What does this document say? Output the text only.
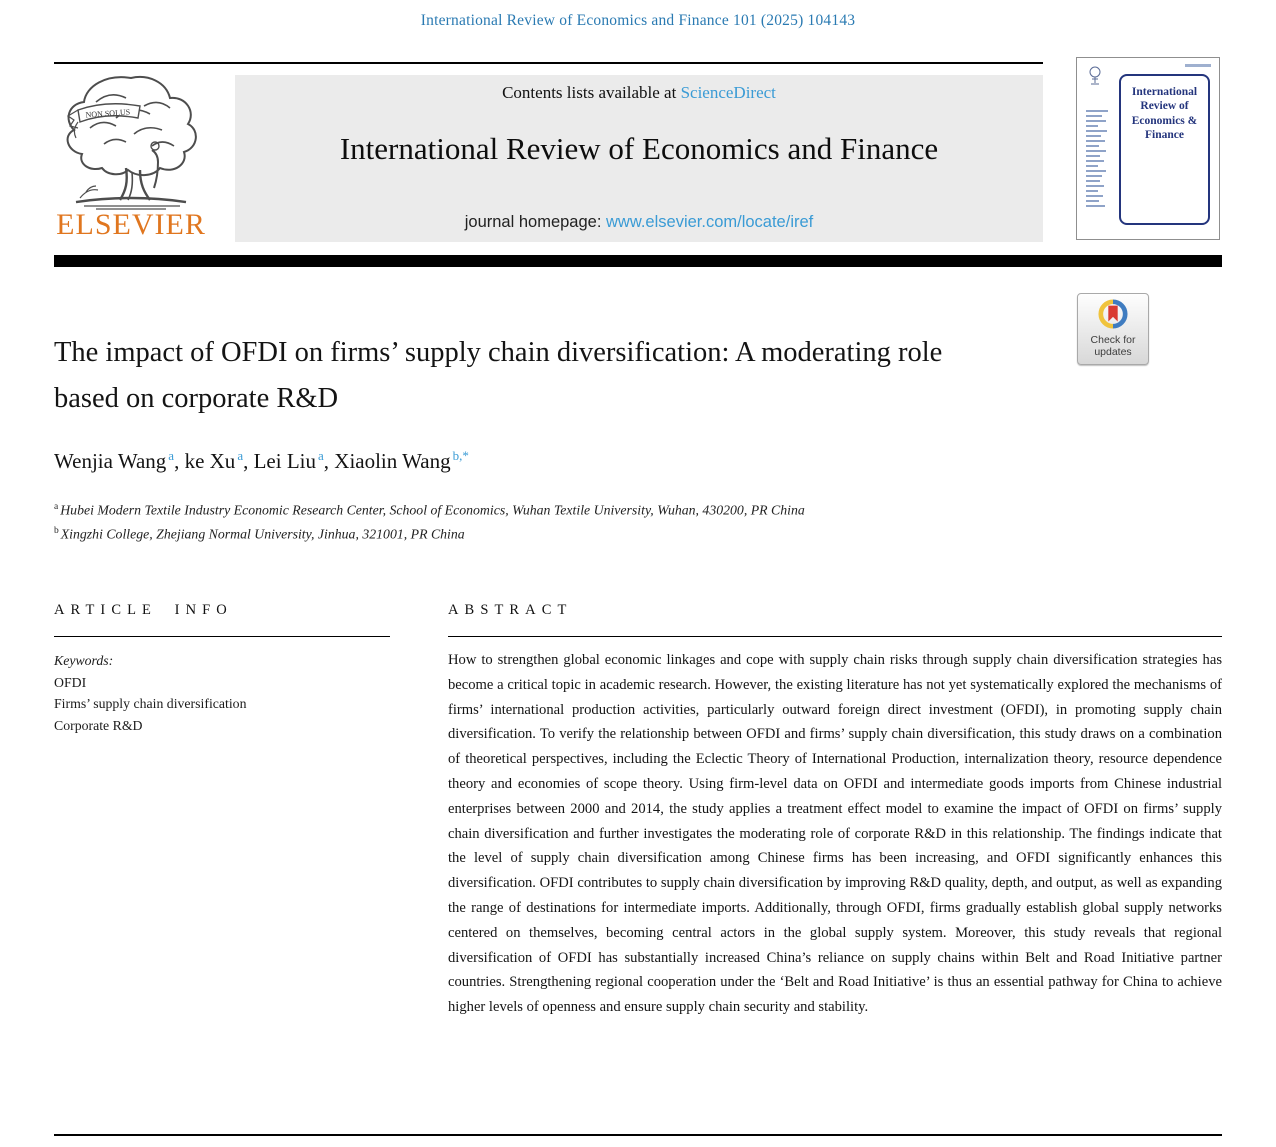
International Review of Economics and Finance 101 (2025) 104143
NON SOLUS
ELSEVIER
Contents lists available at ScienceDirect
International Review of Economics and Finance
journal homepage: www.elsevier.com/locate/iref
International Review of Economics & Finance
Check for
updates
The impact of OFDI on firms’ supply chain diversification: A moderating role based on corporate R&D
Wenjia Wang $^a$, ke Xu $^a$, Lei Liu $^a$, Xiaolin Wang $^{b,*}$
$^a$ Hubei Modern Textile Industry Economic Research Center, School of Economics, Wuhan Textile University, Wuhan, 430200, PR China
$^b$ Xingzhi College, Zhejiang Normal University, Jinhua, 321001, PR China
ARTICLE INFO	ABSTRACT
Keywords:
OFDI
Firms’ supply chain diversification
Corporate R&D
How to strengthen global economic linkages and cope with supply chain risks through supply chain diversification strategies has become a critical topic in academic research. However, the existing literature has not yet systematically explored the mechanisms of firms’ international production activities, particularly outward foreign direct investment (OFDI), in promoting supply chain diversification. To verify the relationship between OFDI and firms’ supply chain diversification, this study draws on a combination of theoretical perspectives, including the Eclectic Theory of International Production, internalization theory, resource dependence theory and economies of scope theory. Using firm-level data on OFDI and intermediate goods imports from Chinese industrial enterprises between 2000 and 2014, the study applies a treatment effect model to examine the impact of OFDI on firms’ supply chain diversification and further investigates the moderating role of corporate R&D in this relationship. The findings indicate that the level of supply chain diversification among Chinese firms has been increasing, and OFDI significantly enhances this diversification. OFDI contributes to supply chain diversification by improving R&D quality, depth, and output, as well as expanding the range of destinations for intermediate imports. Additionally, through OFDI, firms gradually establish global supply networks centered on themselves, becoming central actors in the global supply system. Moreover, this study reveals that regional diversification of OFDI has substantially increased China’s reliance on supply chains within Belt and Road Initiative partner countries. Strengthening regional cooperation under the ‘Belt and Road Initiative’ is thus an essential pathway for China to achieve higher levels of openness and ensure supply chain security and stability.
